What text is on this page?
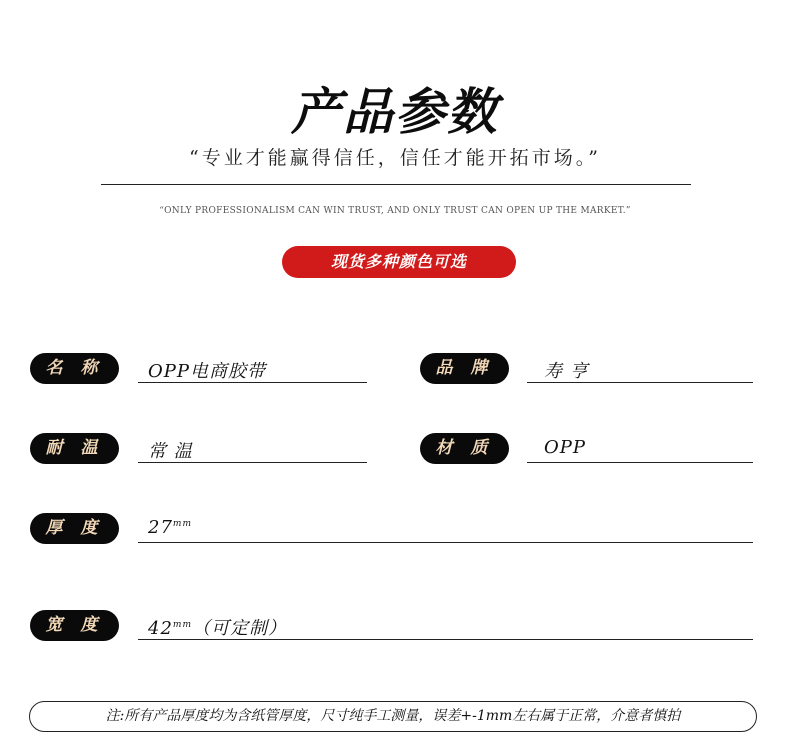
产品参数
“专业才能赢得信任，信任才能开拓市场。”
“ONLY PROFESSIONALISM CAN WIN TRUST, AND ONLY TRUST CAN OPEN UP THE MARKET.”
现货多种颜色可选
名 称	OPP电商胶带	品 牌	寿 亨
耐 温	常 温	材 质	OPP
厚 度	$27^{mm}$
宽 度	$42^{mm}$（可定制）
注:所有产品厚度均为含纸管厚度，尺寸纯手工测量，误差+-1mm左右属于正常，介意者慎拍
